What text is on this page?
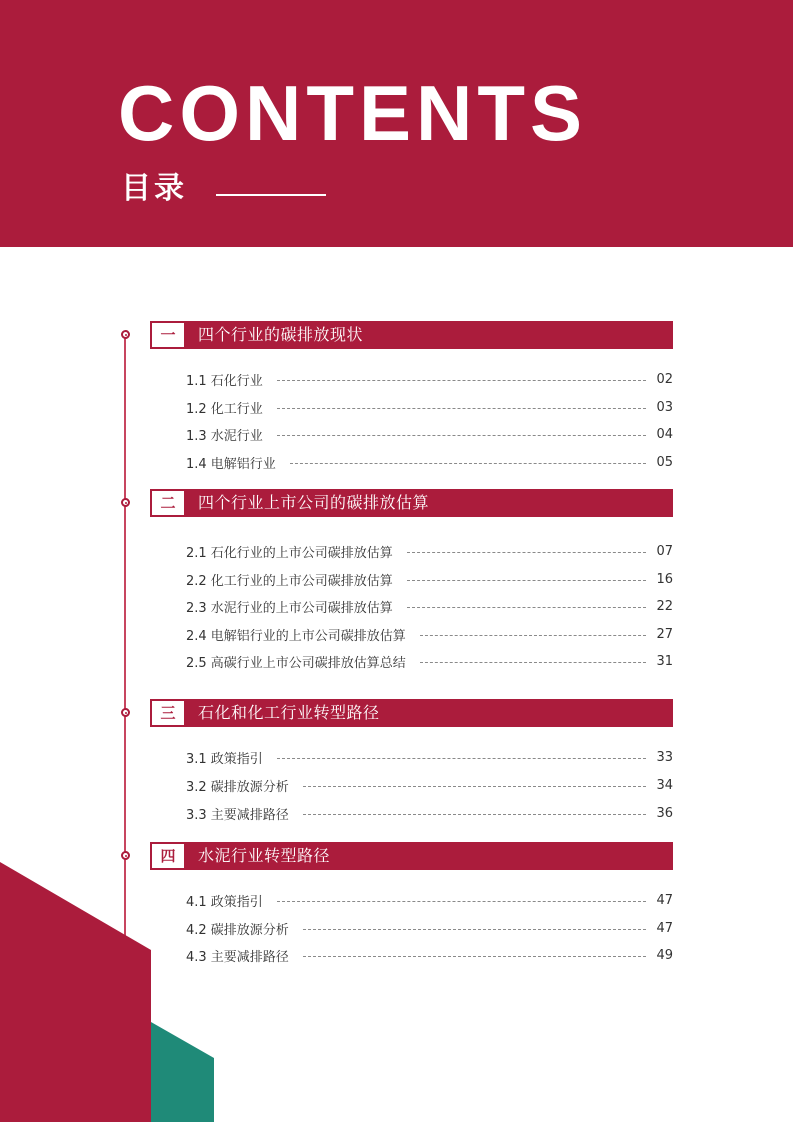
CONTENTS
目录
一	四个行业的碳排放现状
1.1 石化行业	02
1.2 化工行业	03
1.3 水泥行业	04
1.4 电解铝行业	05
二	四个行业上市公司的碳排放估算
2.1 石化行业的上市公司碳排放估算	07
2.2 化工行业的上市公司碳排放估算	16
2.3 水泥行业的上市公司碳排放估算	22
2.4 电解铝行业的上市公司碳排放估算	27
2.5 高碳行业上市公司碳排放估算总结	31
三	石化和化工行业转型路径
3.1 政策指引	33
3.2 碳排放源分析	34
3.3 主要减排路径	36
四	水泥行业转型路径
4.1 政策指引	47
4.2 碳排放源分析	47
4.3 主要减排路径	49
